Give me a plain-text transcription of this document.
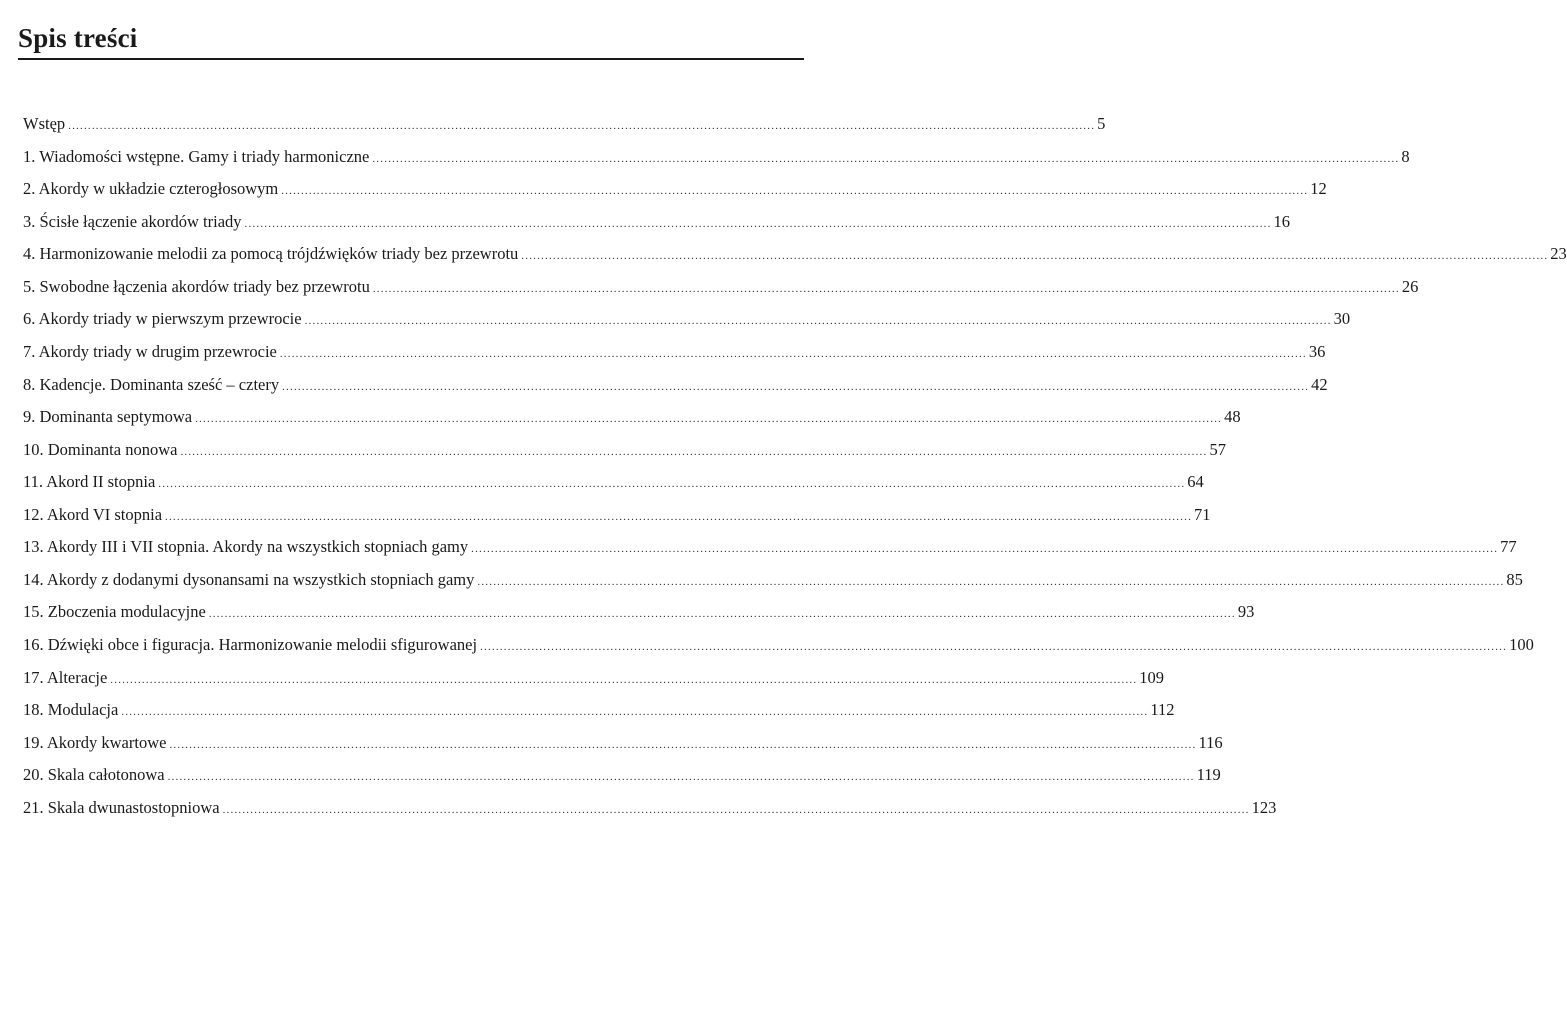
Spis treści
Wstęp .................................................................................................................................................................................................................................................................... 5
1. Wiadomości wstępne. Gamy i triady harmoniczne .................................................................................................................................................................................................................................................................... 8
2. Akordy w układzie czterogłosowym .................................................................................................................................................................................................................................................................... 12
3. Ścisłe łączenie akordów triady .................................................................................................................................................................................................................................................................... 16
4. Harmonizowanie melodii za pomocą trójdźwięków triady bez przewrotu .................................................................................................................................................................................................................................................................... 23
5. Swobodne łączenia akordów triady bez przewrotu .................................................................................................................................................................................................................................................................... 26
6. Akordy triady w pierwszym przewrocie .................................................................................................................................................................................................................................................................... 30
7. Akordy triady w drugim przewrocie .................................................................................................................................................................................................................................................................... 36
8. Kadencje. Dominanta sześć – cztery .................................................................................................................................................................................................................................................................... 42
9. Dominanta septymowa .................................................................................................................................................................................................................................................................... 48
10. Dominanta nonowa .................................................................................................................................................................................................................................................................... 57
11. Akord II stopnia .................................................................................................................................................................................................................................................................... 64
12. Akord VI stopnia .................................................................................................................................................................................................................................................................... 71
13. Akordy III i VII stopnia. Akordy na wszystkich stopniach gamy .................................................................................................................................................................................................................................................................... 77
14. Akordy z dodanymi dysonansami na wszystkich stopniach gamy .................................................................................................................................................................................................................................................................... 85
15. Zboczenia modulacyjne .................................................................................................................................................................................................................................................................... 93
16. Dźwięki obce i figuracja. Harmonizowanie melodii sfigurowanej .................................................................................................................................................................................................................................................................... 100
17. Alteracje .................................................................................................................................................................................................................................................................... 109
18. Modulacja .................................................................................................................................................................................................................................................................... 112
19. Akordy kwartowe .................................................................................................................................................................................................................................................................... 116
20. Skala całotonowa .................................................................................................................................................................................................................................................................... 119
21. Skala dwunastostopniowa .................................................................................................................................................................................................................................................................... 123
